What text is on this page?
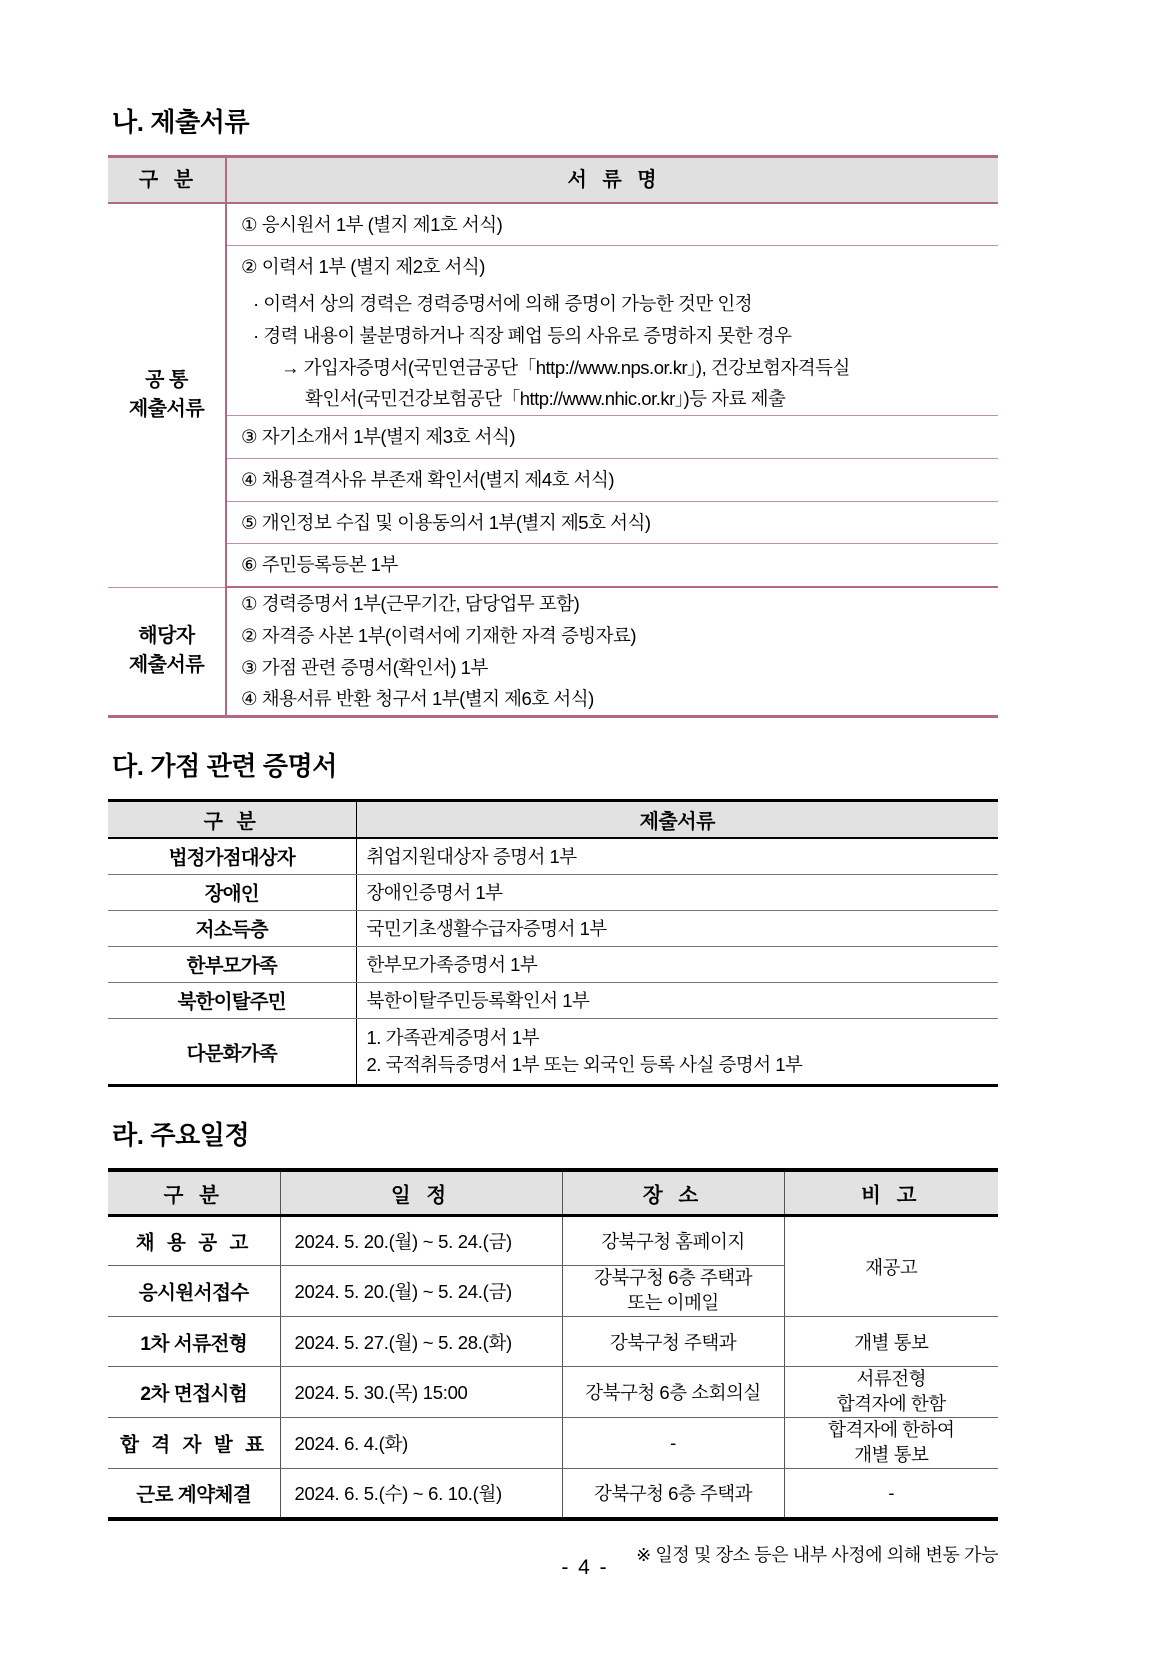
나. 제출서류
구 분	서 류 명
공 통
제출서류	① 응시원서 1부 (별지 제1호 서식)
	② 이력서 1부 (별지 제2호 서식)
	· 이력서 상의 경력은 경력증명서에 의해 증명이 가능한 것만 인정
	· 경력 내용이 불분명하거나 직장 폐업 등의 사유로 증명하지 못한 경우
	→ 가입자증명서(국민연금공단「http://www.nps.or.kr」), 건강보험자격득실
	확인서(국민건강보험공단「http://www.nhic.or.kr」)등 자료 제출
	③ 자기소개서 1부(별지 제3호 서식)
	④ 채용결격사유 부존재 확인서(별지 제4호 서식)
	⑤ 개인정보 수집 및 이용동의서 1부(별지 제5호 서식)
	⑥ 주민등록등본 1부
해당자
제출서류	① 경력증명서 1부(근무기간, 담당업무 포함)
	② 자격증 사본 1부(이력서에 기재한 자격 증빙자료)
	③ 가점 관련 증명서(확인서) 1부
	④ 채용서류 반환 청구서 1부(별지 제6호 서식)
다. 가점 관련 증명서
구 분	제출서류
법정가점대상자	취업지원대상자 증명서 1부
장애인	장애인증명서 1부
저소득층	국민기초생활수급자증명서 1부
한부모가족	한부모가족증명서 1부
북한이탈주민	북한이탈주민등록확인서 1부
다문화가족	1. 가족관계증명서 1부
2. 국적취득증명서 1부 또는 외국인 등록 사실 증명서 1부
라. 주요일정
구 분	일 정	장 소	비 고
채 용 공 고	2024. 5. 20.(월) ~ 5. 24.(금)	강북구청 홈페이지	재공고
응시원서접수	2024. 5. 20.(월) ~ 5. 24.(금)	강북구청 6층 주택과
또는 이메일	
1차 서류전형	2024. 5. 27.(월) ~ 5. 28.(화)	강북구청 주택과	개별 통보
2차 면접시험	2024. 5. 30.(목) 15:00	강북구청 6층 소회의실	서류전형
합격자에 한함
합 격 자 발 표	2024. 6. 4.(화)	-	합격자에 한하여
개별 통보
근로 계약체결	2024. 6. 5.(수) ~ 6. 10.(월)	강북구청 6층 주택과	-
※ 일정 및 장소 등은 내부 사정에 의해 변동 가능
- 4 -
